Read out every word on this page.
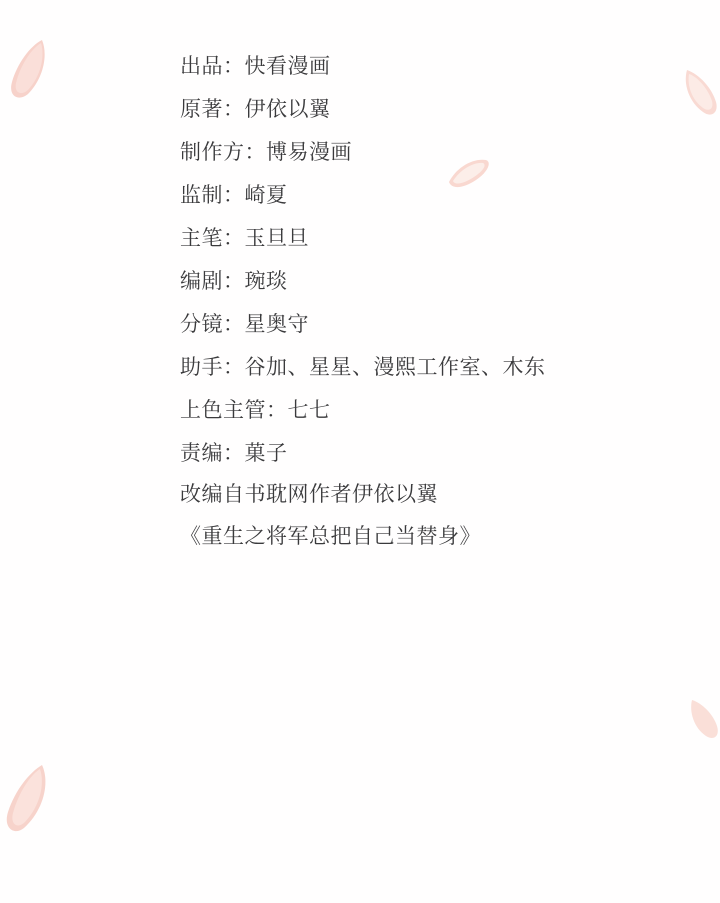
出品：快看漫画
原著：伊依以翼
制作方：博易漫画
监制：崎夏
主笔：玉旦旦
编剧：琬琰
分镜：星奥守
助手：谷加、星星、漫熙工作室、木东
上色主管：七七
责编：菓子
改编自书耽网作者伊依以翼
《重生之将军总把自己当替身》
